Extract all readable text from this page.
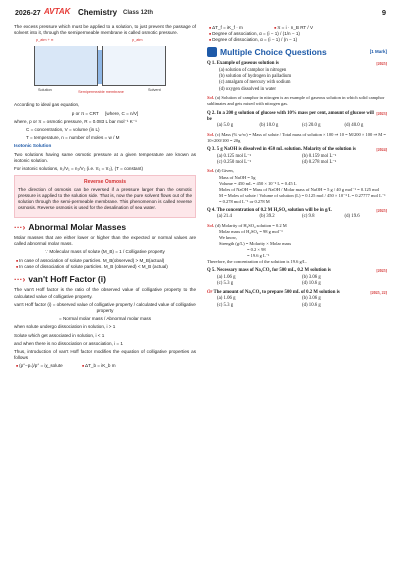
2026-27 AVTAK Chemistry Class 12th	9

The excess pressure which must be applied to a solution, to just prevent the passage of solvent into it, through the semipermeable membrane is called osmotic pressure.

p_atm + π	p_atm
Solution	Semipermeable membrane	Solvent

According to ideal gas equation,

p or π = CRT [where, C = n/V]

where, p or π = osmotic pressure, R = 0.083 L bar mol⁻¹ K⁻¹

C = concentration, V = volume (in L)

T = temperature, n = number of moles = w / M

Isotonic Solution

Two solutions having same osmotic pressure at a given temperature are known as isotonic solution.

For isotonic solutions, n₁/V₁ = n₂/V₂ (i.e. π₁ = π₂), (T = constant)

Reverse Osmosis

The direction of osmosis can be reversed if a pressure larger than the osmotic pressure is applied to the solution side. That is, now the pure solvent flows out of the solution through the semi-permeable membrane. This phenomenon is called reverse osmosis. Reverse osmosis is used for the desalination of sea water.

···› Abnormal Molar Masses

Molar masses that are either lower or higher than the expected or normal values are called abnormal molar mass.

∵ Molecular mass of solute (M_B) = 1 / Colligative property

■ In case of association of solute particles. M_B(observed) > M_B(actual)
■ In case of dissociation of solute particles. M_B (observed) < M_B (actual)
···› van't Hoff Factor (i)

The van't Hoff factor is the ratio of the observed value of colligative property to the calculated value of colligative property.

van't Hoff factor (i) = observed value of colligative property / calculated value of colligative property

= Normal molar mass / Abnormal molar mass

when solute undergo dissociation in solution, i > 1

Solute which get associated in solution, i < 1

and when there is no dissociation or association, i = 1

Thus, introduction of van't Hoff factor modifies the equation of colligative properties as follows

■ (p°−pₛ)/p° = iχ_solute	■ ΔT_b = iK_b m
■ ΔT_f = iK_f · m	■ π = i · n_B RT / V
■ Degree of association, α = (i − 1) / (1/n − 1)
■ Degree of dissociation, α = (i − 1) / (n − 1)
Multiple Choice Questions	[1 Mark]
[2025]
Q 1. Example of gaseous solution is
(a) solution of camphor in nitrogen
(b) solution of hydrogen in palladium
(c) amalgam of mercury with sodium
(d) oxygen dissolved in water
Sol. (a) Solution of camphor in nitrogen is an example of gaseous solution in which solid camphor sublimates and gets mixed with nitrogen gas.
[2023]
Q 2. In a 200 g solution of glucose with 10% mass per cent, amount of glucose will be
(a) 5.0 g	(b) 10.0 g	(c) 20.0 g	(d) 40.0 g
Sol. (c) Mass (% w/w) = Mass of solute / Total mass of solution × 100 ⇒ 10 = M/200 × 100 ⇒ M = 10×200/100 = 20g
[2024]
Q 3. 5 g NaOH is dissolved in 450 mL solution. Molarity of the solution is
(a) 0.125 mol L⁻¹	(b) 0.159 mol L⁻¹
(c) 0.250 mol L⁻¹	(d) 0.278 mol L⁻¹
Sol. (d) Given,
Mass of NaOH = 5g
Volume = 450 mL = 450 × 10⁻³ L = 0.45 L
Moles of NaOH = Mass of NaOH / Molar mass of NaOH = 5 g / 40 g mol⁻¹ = 0.125 mol
M = Moles of solute / Volume of solution (L) = 0.125 mol / 450 × 10⁻³ L = 0.27777 mol L⁻¹
= 0.278 mol L⁻¹ or 0.278 M
[2025]
Q 4. The concentration of 0.2 M H₂SO₄ solution will be in g/L
(a) 21.4	(b) 39.2	(c) 9.8	(d) 19.6
Sol. (d) Molarity of H₂SO₄ solution = 0.2 M
Molar mass of H₂SO₄ = 98 g mol⁻¹
We know,
Strength (g/L) = Molarity × Molar mass
= 0.2 × 98
= 19.6 g L⁻¹
Therefore, the concentration of the solution is 19.6 g/L.
[2025]
Q 5. Necessary mass of Na₂CO₃ for 500 mL, 0.2 M solution is
(a) 1.06 g	(b) 3.06 g
(c) 5.3 g	(d) 10.6 g
[2025, 22]
Or The amount of Na₂CO₃ to prepare 500 mL of 0.2 M solution is
(a) 1.06 g	(b) 3.06 g
(c) 5.3 g	(d) 10.6 g
